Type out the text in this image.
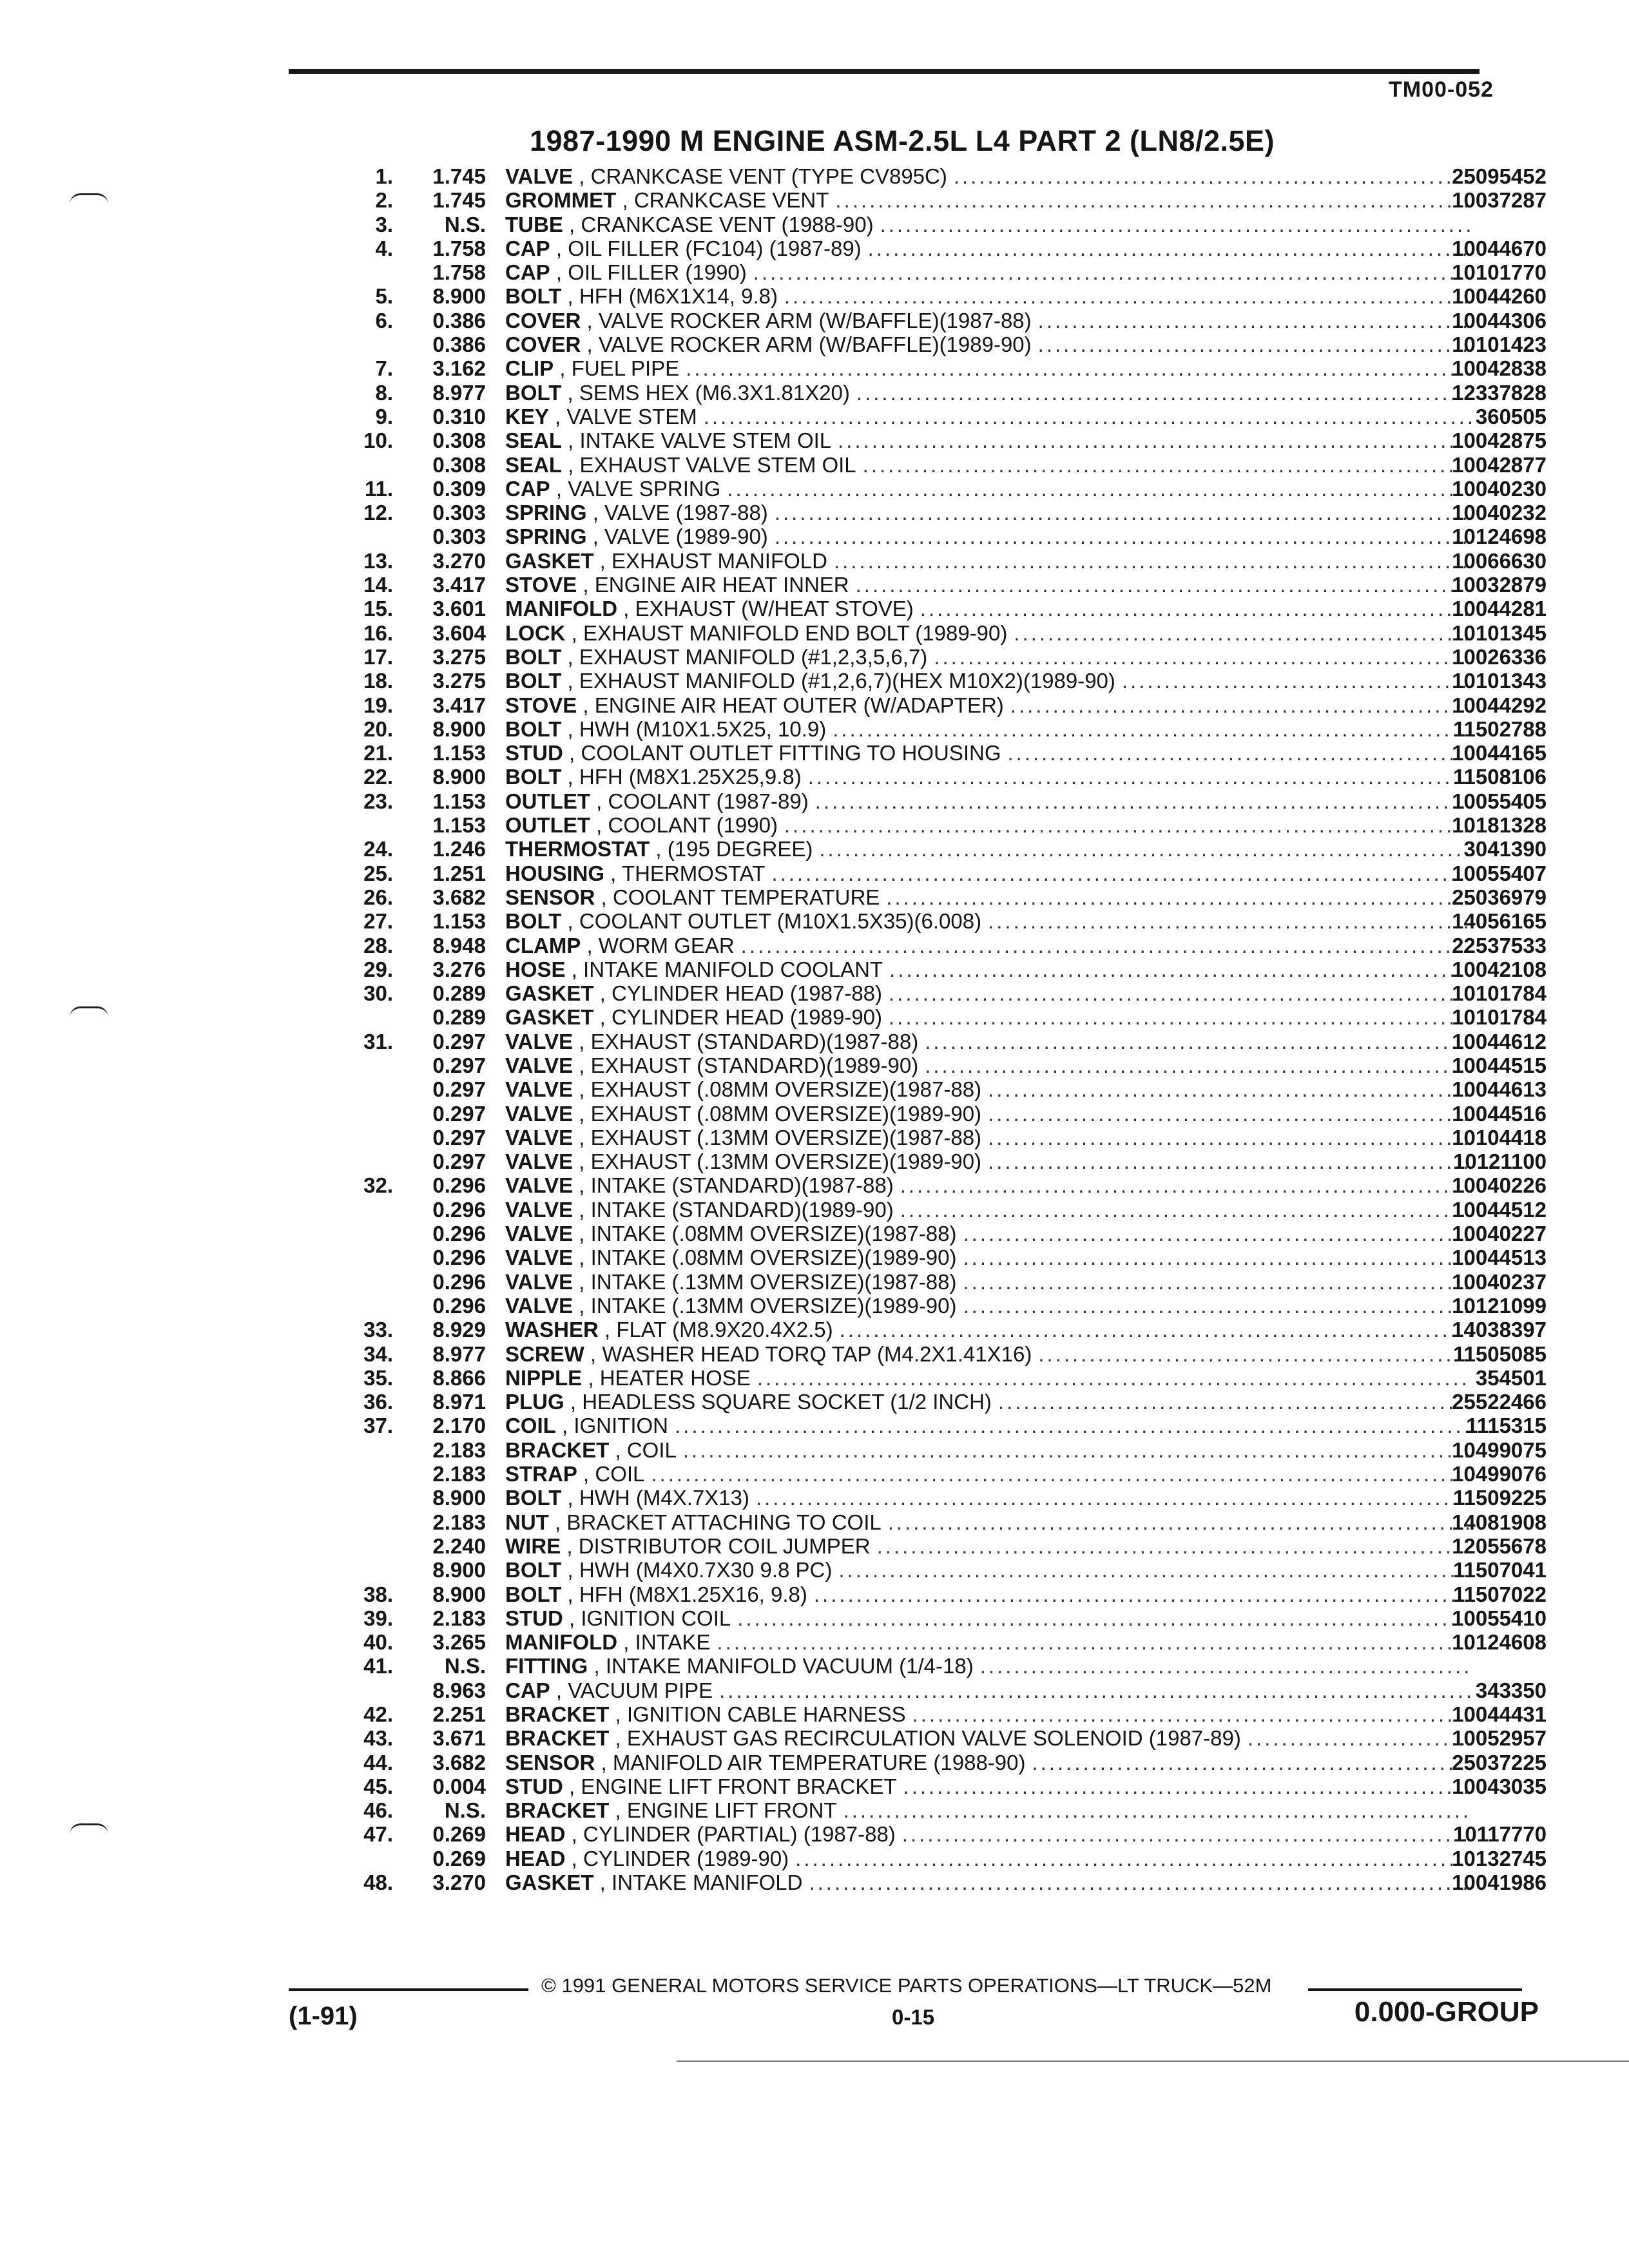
TM00-052
1987-1990 M ENGINE ASM-2.5L L4 PART 2 (LN8/2.5E)
1.	1.745 VALVE , CRANKCASE VENT (TYPE CV895C) .....	25095452
2.	1.745 GROMMET , CRANKCASE VENT .....	10037287
3.	N.S. TUBE , CRANKCASE VENT (1988-90)
.....
4.	1.758 CAP , OIL FILLER (FC104) (1987-89) .....	10044670
1.758 CAP , OIL FILLER (1990) .....	10101770
5.	8.900 BOLT , HFH (M6X1X14, 9.8) .....	10044260
6.	0.386 COVER , VALVE ROCKER ARM (W/BAFFLE)(1987-88) .....	10044306
0.386 COVER , VALVE ROCKER ARM (W/BAFFLE)(1989-90) .....	10101423
7.	3.162 CLIP , FUEL PIPE .....	10042838
8.	8.977 BOLT , SEMS HEX (M6.3X1.81X20) .....	12337828
9.	0.310 KEY , VALVE STEM .....	360505
10.	0.308 SEAL , INTAKE VALVE STEM OIL .....	10042875
0.308 SEAL , EXHAUST VALVE STEM OIL .....	10042877
11.	0.309 CAP , VALVE SPRING .....	10040230
12.	0.303 SPRING , VALVE (1987-88) .....	10040232
0.303 SPRING , VALVE (1989-90) .....	10124698
13.	3.270 GASKET , EXHAUST MANIFOLD .....	10066630
14.	3.417 STOVE , ENGINE AIR HEAT INNER .....	10032879
15.	3.601 MANIFOLD , EXHAUST (W/HEAT STOVE) .....	10044281
16.	3.604 LOCK , EXHAUST MANIFOLD END BOLT (1989-90) .....	10101345
17.	3.275 BOLT , EXHAUST MANIFOLD (#1,2,3,5,6,7) .....	10026336
18.	3.275 BOLT , EXHAUST MANIFOLD (#1,2,6,7)(HEX M10X2)(1989-90) .....	10101343
19.	3.417 STOVE , ENGINE AIR HEAT OUTER (W/ADAPTER) .....	10044292
20.	8.900 BOLT , HWH (M10X1.5X25, 10.9) .....	11502788
21.	1.153 STUD , COOLANT OUTLET FITTING TO HOUSING .....	10044165
22.	8.900 BOLT , HFH (M8X1.25X25,9.8) .....	11508106
23.	1.153 OUTLET , COOLANT (1987-89) .....	10055405
1.153 OUTLET , COOLANT (1990) .....	10181328
24.	1.246 THERMOSTAT , (195 DEGREE) .....	3041390
25.	1.251 HOUSING , THERMOSTAT .....	10055407
26.	3.682 SENSOR , COOLANT TEMPERATURE .....	25036979
27.	1.153 BOLT , COOLANT OUTLET (M10X1.5X35)(6.008) .....	14056165
28.	8.948 CLAMP , WORM GEAR .....	22537533
29.	3.276 HOSE , INTAKE MANIFOLD COOLANT .....	10042108
30.	0.289 GASKET , CYLINDER HEAD (1987-88) .....	10101784
0.289 GASKET , CYLINDER HEAD (1989-90) .....	10101784
31.	0.297 VALVE , EXHAUST (STANDARD)(1987-88) .....	10044612
0.297 VALVE , EXHAUST (STANDARD)(1989-90) .....	10044515
0.297 VALVE , EXHAUST (.08MM OVERSIZE)(1987-88) .....	10044613
0.297 VALVE , EXHAUST (.08MM OVERSIZE)(1989-90) .....	10044516
0.297 VALVE , EXHAUST (.13MM OVERSIZE)(1987-88) .....	10104418
0.297 VALVE , EXHAUST (.13MM OVERSIZE)(1989-90) .....	10121100
32.	0.296 VALVE , INTAKE (STANDARD)(1987-88) .....	10040226
0.296 VALVE , INTAKE (STANDARD)(1989-90) .....	10044512
0.296 VALVE , INTAKE (.08MM OVERSIZE)(1987-88) .....	10040227
0.296 VALVE , INTAKE (.08MM OVERSIZE)(1989-90) .....	10044513
0.296 VALVE , INTAKE (.13MM OVERSIZE)(1987-88) .....	10040237
0.296 VALVE , INTAKE (.13MM OVERSIZE)(1989-90) .....	10121099
33.	8.929 WASHER , FLAT (M8.9X20.4X2.5) .....	14038397
34.	8.977 SCREW , WASHER HEAD TORQ TAP (M4.2X1.41X16) .....	11505085
35.	8.866 NIPPLE , HEATER HOSE .....	354501
36.	8.971 PLUG , HEADLESS SQUARE SOCKET (1/2 INCH) .....	25522466
37.	2.170 COIL , IGNITION .....	1115315
2.183 BRACKET , COIL .....	10499075
2.183 STRAP , COIL .....	10499076
8.900 BOLT , HWH (M4X.7X13) .....	11509225
2.183 NUT , BRACKET ATTACHING TO COIL .....	14081908
2.240 WIRE , DISTRIBUTOR COIL JUMPER .....	12055678
8.900 BOLT , HWH (M4X0.7X30 9.8 PC) .....	11507041
38.	8.900 BOLT , HFH (M8X1.25X16, 9.8) .....	11507022
39.	2.183 STUD , IGNITION COIL .....	10055410
40.	3.265 MANIFOLD , INTAKE .....	10124608
41.	N.S. FITTING , INTAKE MANIFOLD VACUUM (1/4-18)
.....
8.963 CAP , VACUUM PIPE .....	343350
42.	2.251 BRACKET , IGNITION CABLE HARNESS .....	10044431
43.	3.671 BRACKET , EXHAUST GAS RECIRCULATION VALVE SOLENOID (1987-89) .....	10052957
44.	3.682 SENSOR , MANIFOLD AIR TEMPERATURE (1988-90) .....	25037225
45.	0.004 STUD , ENGINE LIFT FRONT BRACKET .....	10043035
46.	N.S. BRACKET , ENGINE LIFT FRONT
.....
47.	0.269 HEAD , CYLINDER (PARTIAL) (1987-88) .....	10117770
0.269 HEAD , CYLINDER (1989-90) .....	10132745
48.	3.270 GASKET , INTAKE MANIFOLD .....	10041986
© 1991 GENERAL MOTORS SERVICE PARTS OPERATIONS—LT TRUCK—52M
(1-91)	0-15	0.000-GROUP
